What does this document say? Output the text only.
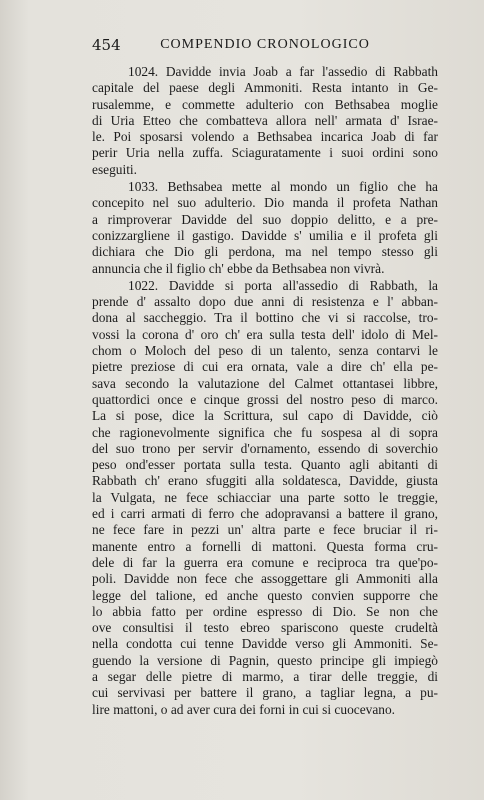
454	COMPENDIO CRONOLOGICO
1024. Davidde invia Joab a far l'assedio di Rabbath
capitale del paese degli Ammoniti. Resta intanto in Ge-
rusalemme, e commette adulterio con Bethsabea moglie
di Uria Etteo che combatteva allora nell' armata d' Israe-
le. Poi sposarsi volendo a Bethsabea incarica Joab di far
perir Uria nella zuffa. Sciaguratamente i suoi ordini sono
eseguiti.
1033. Bethsabea mette al mondo un figlio che ha
concepito nel suo adulterio. Dio manda il profeta Nathan
a rimproverar Davidde del suo doppio delitto, e a pre-
conizzargliene il gastigo. Davidde s' umilia e il profeta gli
dichiara che Dio gli perdona, ma nel tempo stesso gli
annuncia che il figlio ch' ebbe da Bethsabea non vivrà.
1022. Davidde si porta all'assedio di Rabbath, la
prende d' assalto dopo due anni di resistenza e l' abban-
dona al saccheggio. Tra il bottino che vi si raccolse, tro-
vossi la corona d' oro ch' era sulla testa dell' idolo di Mel-
chom o Moloch del peso di un talento, senza contarvi le
pietre preziose di cui era ornata, vale a dire ch' ella pe-
sava secondo la valutazione del Calmet ottantasei libbre,
quattordici once e cinque grossi del nostro peso di marco.
La si pose, dice la Scrittura, sul capo di Davidde, ciò
che ragionevolmente significa che fu sospesa al di sopra
del suo trono per servir d'ornamento, essendo di soverchio
peso ond'esser portata sulla testa. Quanto agli abitanti di
Rabbath ch' erano sfuggiti alla soldatesca, Davidde, giusta
la Vulgata, ne fece schiacciar una parte sotto le treggie,
ed i carri armati di ferro che adopravansi a battere il grano,
ne fece fare in pezzi un' altra parte e fece bruciar il ri-
manente entro a fornelli di mattoni. Questa forma cru-
dele di far la guerra era comune e reciproca tra que'po-
poli. Davidde non fece che assoggettare gli Ammoniti alla
legge del talione, ed anche questo convien supporre che
lo abbia fatto per ordine espresso di Dio. Se non che
ove consultisi il testo ebreo spariscono queste crudeltà
nella condotta cui tenne Davidde verso gli Ammoniti. Se-
guendo la versione di Pagnin, questo principe gli impiegò
a segar delle pietre di marmo, a tirar delle treggie, di
cui servivasi per battere il grano, a tagliar legna, a pu-
lire mattoni, o ad aver cura dei forni in cui si cuocevano.
